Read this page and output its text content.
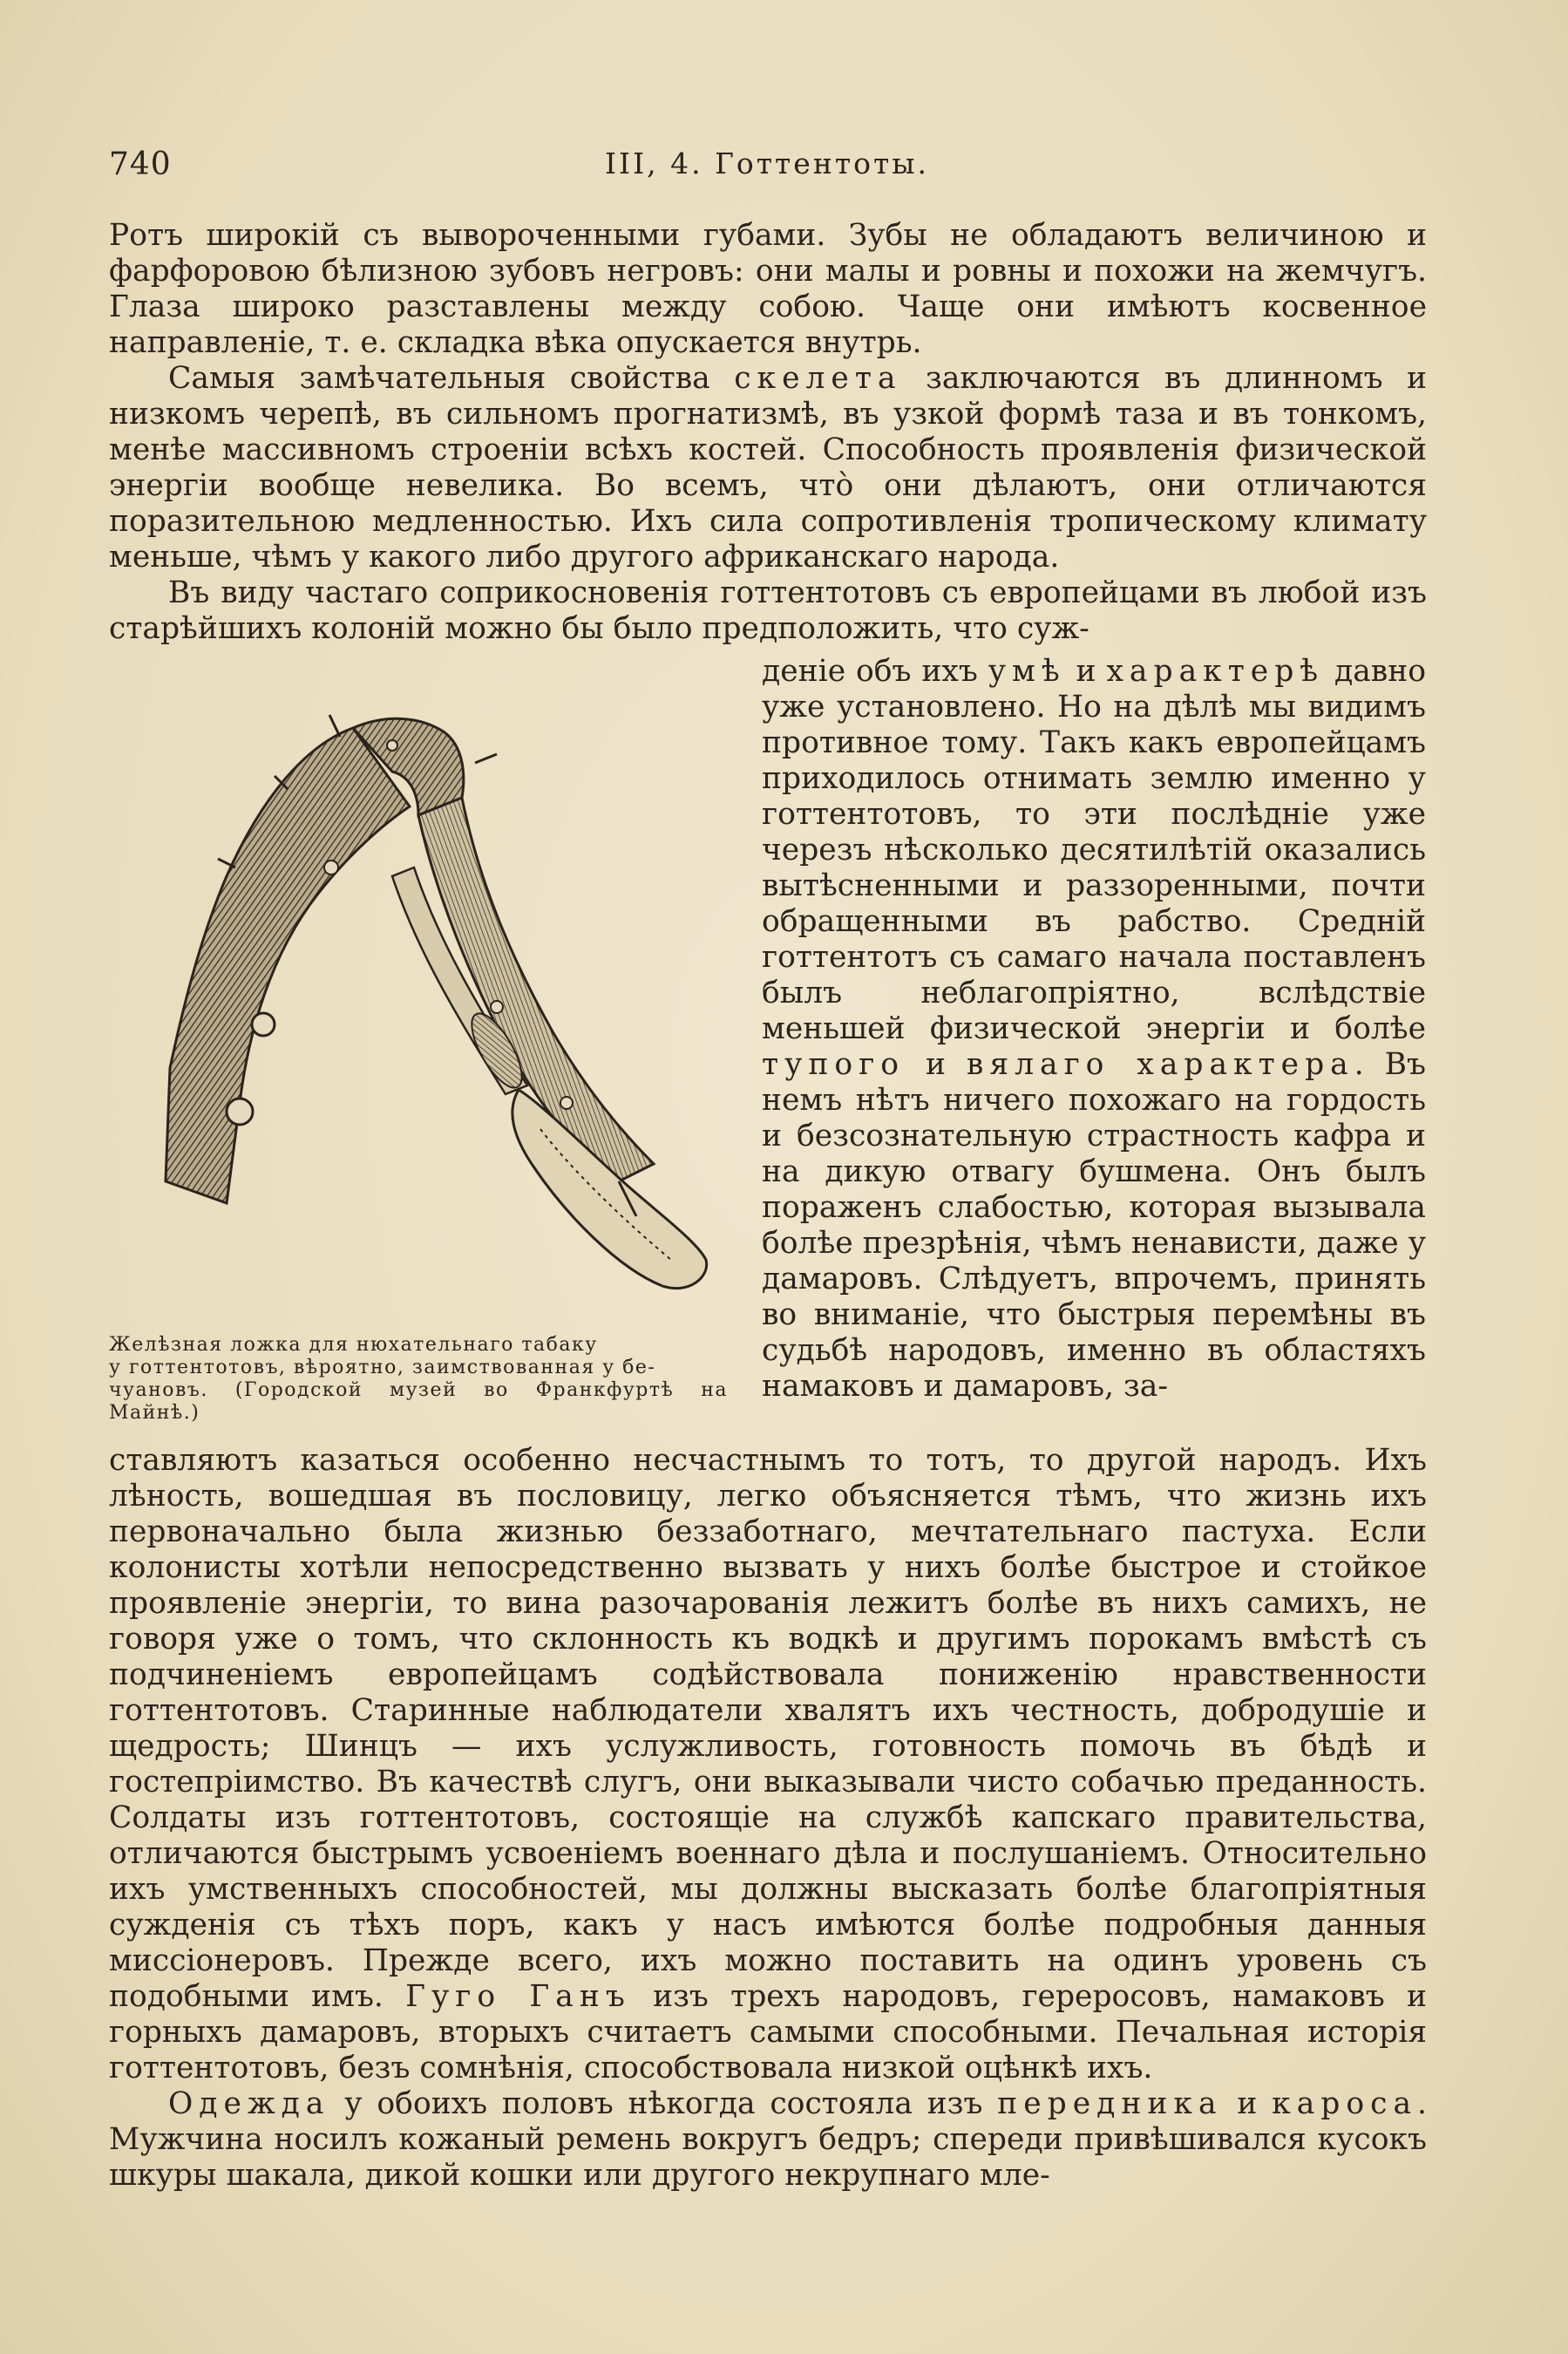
740	III, 4. Готтентоты.

Ротъ широкій съ вывороченными губами. Зубы не обладаютъ величиною и фарфоровою бѣлизною зубовъ негровъ: они малы и ровны и похожи на жемчугъ. Глаза широко разставлены между собою. Чаще они имѣютъ косвенное направленіе, т. е. складка вѣка опускается внутрь.

Самыя замѣчательныя свойства скелета заключаются въ длинномъ и низкомъ черепѣ, въ сильномъ прогнатизмѣ, въ узкой формѣ таза и въ тонкомъ, менѣе массивномъ строеніи всѣхъ костей. Способность проявленія физической энергіи вообще невелика. Во всемъ, что̀ они дѣлаютъ, они отличаются поразительною медленностью. Ихъ сила сопротивленія тропическому климату меньше, чѣмъ у какого либо другого африканскаго народа.

Въ виду частаго соприкосновенія готтентотовъ съ европейцами въ любой изъ старѣйшихъ колоній можно бы было предположить, что суж-

Желѣзная ложка для нюхательнаго табаку
у готтентотовъ, вѣроятно, заимствованная у бе-
чуановъ. (Городской музей во Франкфуртѣ на Майнѣ.)

деніе объ ихъ умѣ и характерѣ давно уже установлено. Но на дѣлѣ мы видимъ противное тому. Такъ какъ европейцамъ приходилось отнимать землю именно у готтентотовъ, то эти послѣдніе уже черезъ нѣсколько десятилѣтій оказались вытѣсненными и раззоренными, почти обращенными въ рабство. Средній готтентотъ съ самаго начала поставленъ былъ неблагопріятно, вслѣдствіе меньшей физической энергіи и болѣе тупого и вялаго характера. Въ немъ нѣтъ ничего похожаго на гордость и безсознательную страстность кафра и на дикую отвагу бушмена. Онъ былъ пораженъ слабостью, которая вызывала болѣе презрѣнія, чѣмъ ненависти, даже у дамаровъ. Слѣдуетъ, впрочемъ, принять во вниманіе, что быстрыя перемѣны въ судьбѣ народовъ, именно въ областяхъ намаковъ и дамаровъ, за-

ставляютъ казаться особенно несчастнымъ то тотъ, то другой народъ. Ихъ лѣность, вошедшая въ пословицу, легко объясняется тѣмъ, что жизнь ихъ первоначально была жизнью беззаботнаго, мечтательнаго пастуха. Если колонисты хотѣли непосредственно вызвать у нихъ болѣе быстрое и стойкое проявленіе энергіи, то вина разочарованія лежитъ болѣе въ нихъ самихъ, не говоря уже о томъ, что склонность къ водкѣ и другимъ порокамъ вмѣстѣ съ подчиненіемъ европейцамъ содѣйствовала пониженію нравственности готтентотовъ. Старинные наблюдатели хвалятъ ихъ честность, добродушіе и щедрость; Шинцъ — ихъ услужливость, готовность помочь въ бѣдѣ и гостепріимство. Въ качествѣ слугъ, они выказывали чисто собачью преданность. Солдаты изъ готтентотовъ, состоящіе на службѣ капскаго правительства, отличаются быстрымъ усвоеніемъ военнаго дѣла и послушаніемъ. Относительно ихъ умственныхъ способностей, мы должны высказать болѣе благопріятныя сужденія съ тѣхъ поръ, какъ у насъ имѣются болѣе подробныя данныя миссіонеровъ. Прежде всего, ихъ можно поставить на одинъ уровень съ подобными имъ. Гуго Ганъ изъ трехъ народовъ, гереросовъ, намаковъ и горныхъ дамаровъ, вторыхъ считаетъ самыми способными. Печальная исторія готтентотовъ, безъ сомнѣнія, способствовала низкой оцѣнкѣ ихъ.

Одежда у обоихъ половъ нѣкогда состояла изъ передника и кароса. Мужчина носилъ кожаный ремень вокругъ бедръ; спереди привѣшивался кусокъ шкуры шакала, дикой кошки или другого некрупнаго мле-
